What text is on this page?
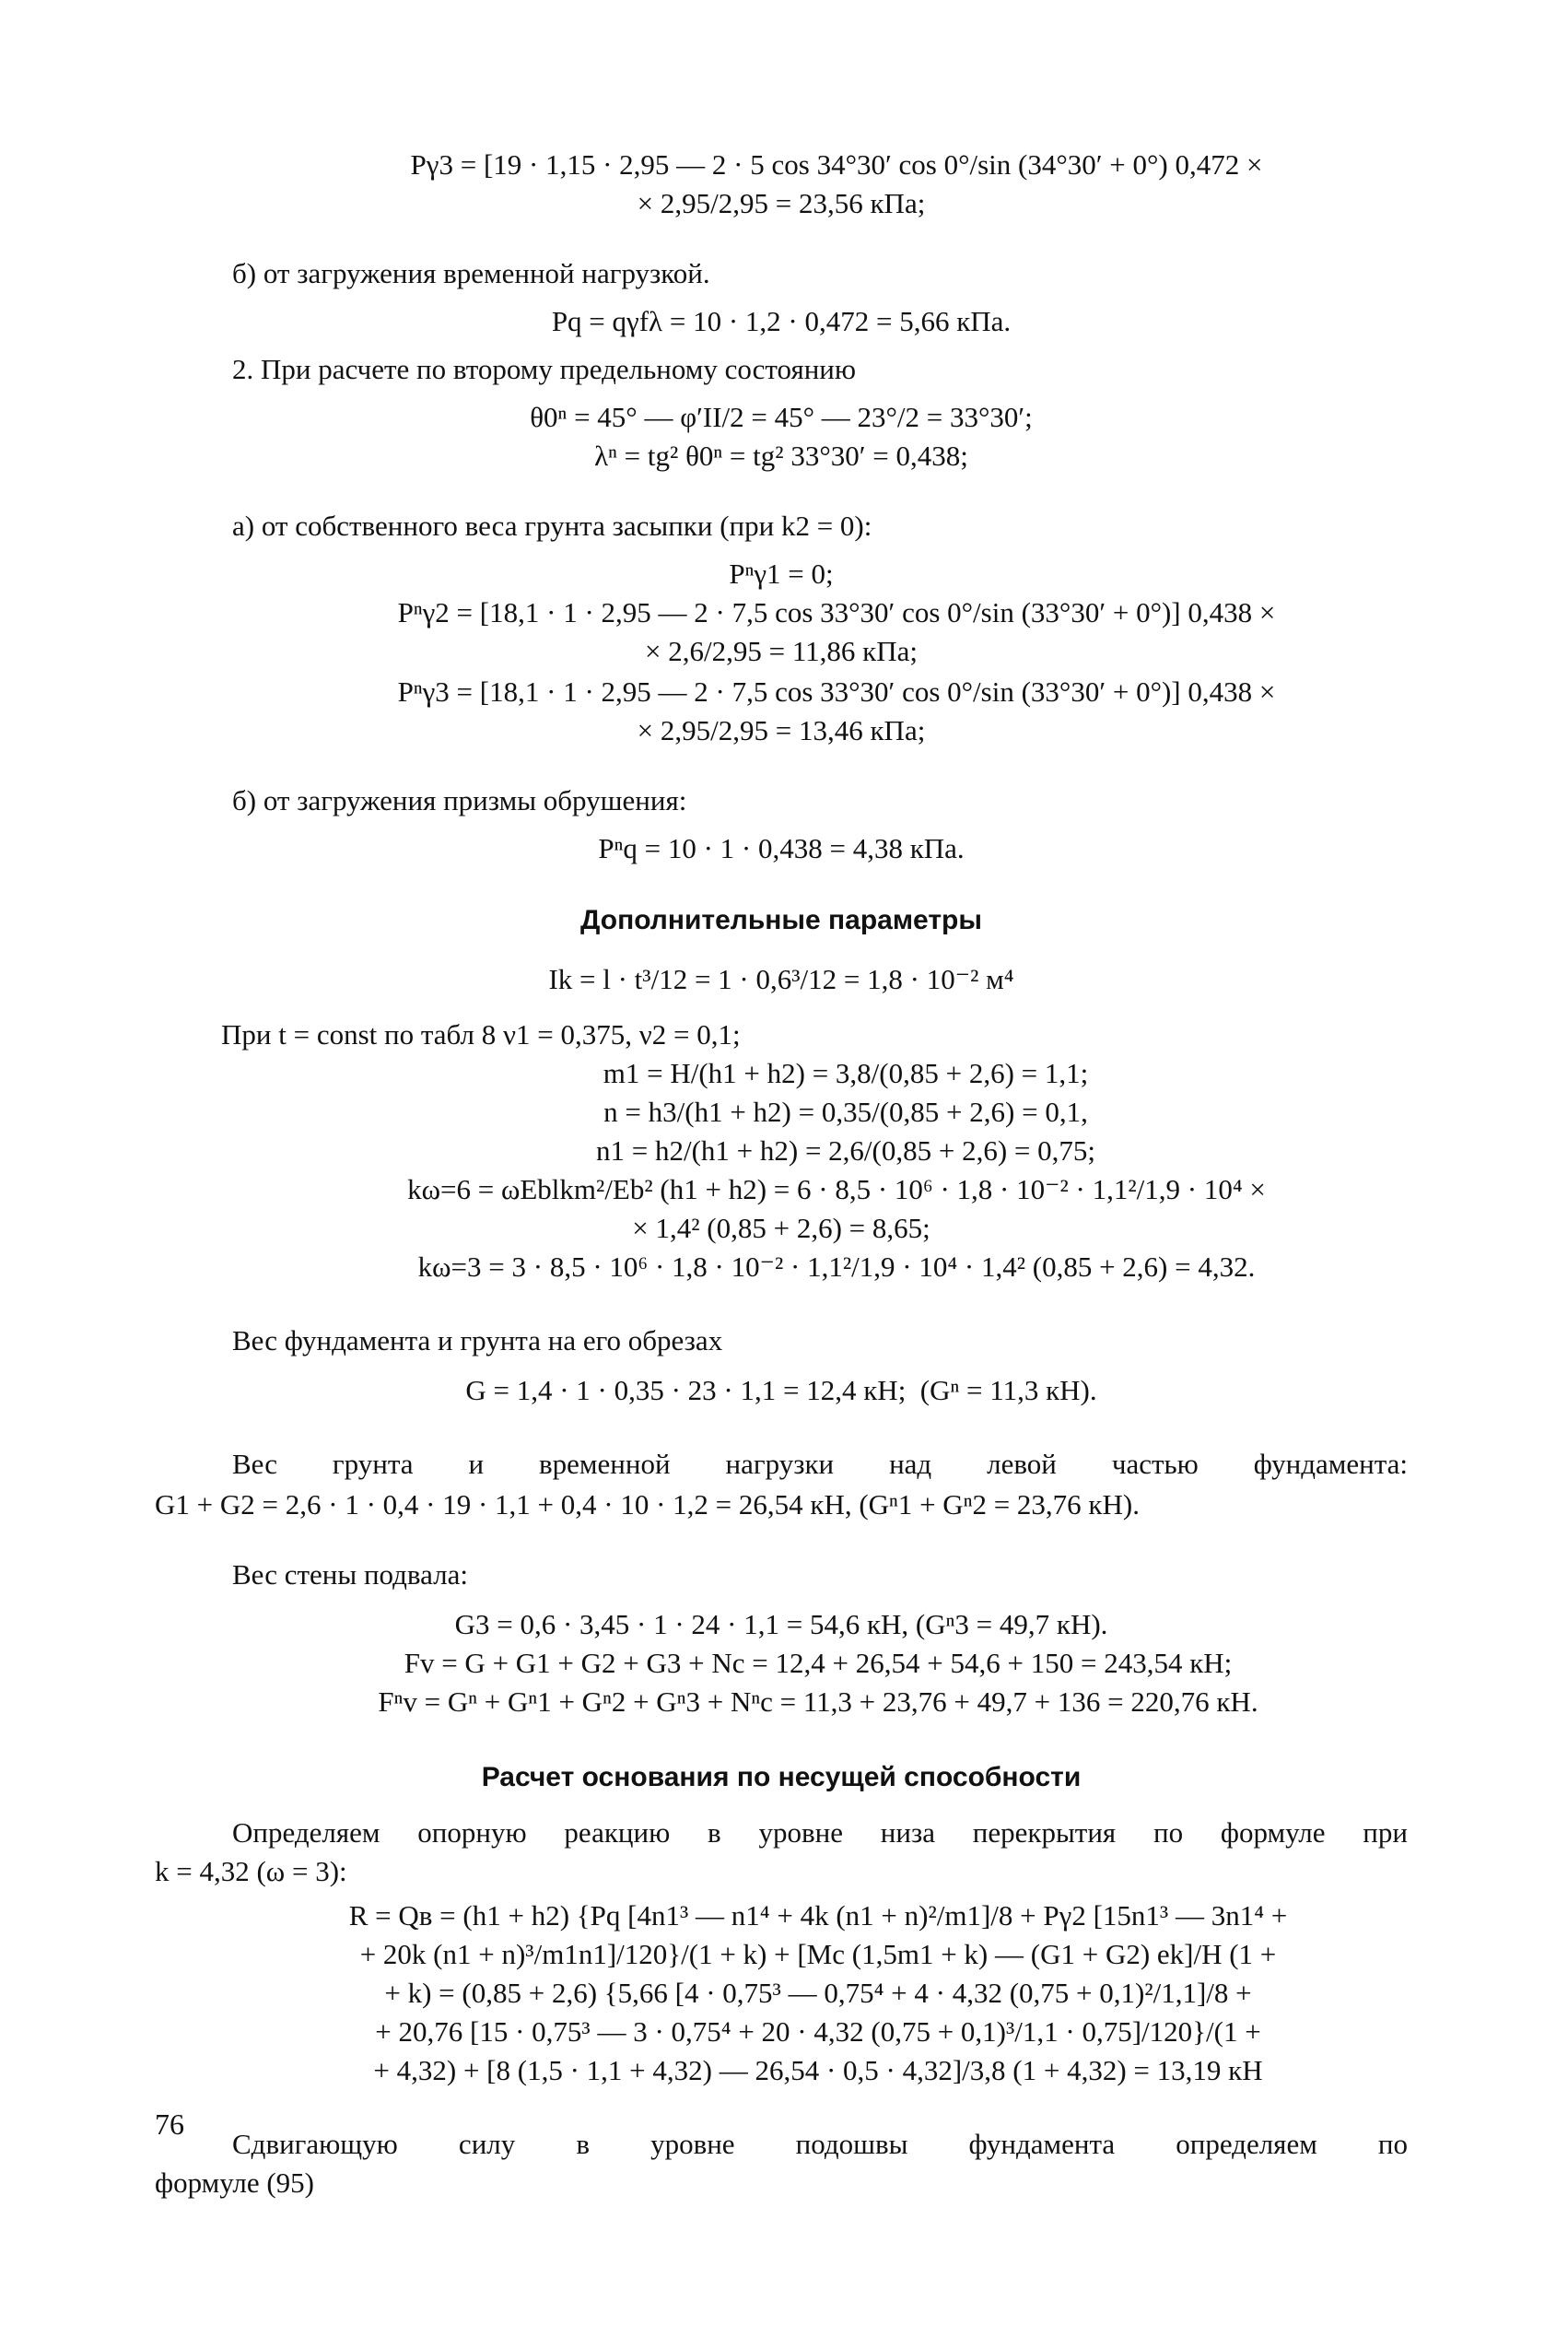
Pγ3 = [19 · 1,15 · 2,95 — 2 · 5 cos 34°30′ cos 0°/sin (34°30′ + 0°) 0,472 ×
× 2,95/2,95 = 23,56 кПа;
б) от загружения временной нагрузкой.
Pq = qγfλ = 10 · 1,2 · 0,472 = 5,66 кПа.
2. При расчете по второму предельному состоянию
θ0ⁿ = 45° — φ′II/2 = 45° — 23°/2 = 33°30′;
λⁿ = tg² θ0ⁿ = tg² 33°30′ = 0,438;
а) от собственного веса грунта засыпки (при k2 = 0):
Pⁿγ1 = 0;
Pⁿγ2 = [18,1 · 1 · 2,95 — 2 · 7,5 cos 33°30′ cos 0°/sin (33°30′ + 0°)] 0,438 ×
× 2,6/2,95 = 11,86 кПа;
Pⁿγ3 = [18,1 · 1 · 2,95 — 2 · 7,5 cos 33°30′ cos 0°/sin (33°30′ + 0°)] 0,438 ×
× 2,95/2,95 = 13,46 кПа;
б) от загружения призмы обрушения:
Pⁿq = 10 · 1 · 0,438 = 4,38 кПа.
Дополнительные параметры
Ik = l · t³/12 = 1 · 0,6³/12 = 1,8 · 10⁻² м⁴
При t = const по табл 8 ν1 = 0,375, ν2 = 0,1;
m1 = H/(h1 + h2) = 3,8/(0,85 + 2,6) = 1,1;
n = h3/(h1 + h2) = 0,35/(0,85 + 2,6) = 0,1,
n1 = h2/(h1 + h2) = 2,6/(0,85 + 2,6) = 0,75;
kω=6 = ωEblkm²/Eb² (h1 + h2) = 6 · 8,5 · 10⁶ · 1,8 · 10⁻² · 1,1²/1,9 · 10⁴ ×
× 1,4² (0,85 + 2,6) = 8,65;
kω=3 = 3 · 8,5 · 10⁶ · 1,8 · 10⁻² · 1,1²/1,9 · 10⁴ · 1,4² (0,85 + 2,6) = 4,32.
Вес фундамента и грунта на его обрезах
G = 1,4 · 1 · 0,35 · 23 · 1,1 = 12,4 кН;  (Gⁿ = 11,3 кН).
Вес грунта и временной нагрузки над левой частью фундамента:
G1 + G2 = 2,6 · 1 · 0,4 · 19 · 1,1 + 0,4 · 10 · 1,2 = 26,54 кН, (Gⁿ1 + Gⁿ2 = 23,76 кН).
Вес стены подвала:
G3 = 0,6 · 3,45 · 1 · 24 · 1,1 = 54,6 кН, (Gⁿ3 = 49,7 кН).
Fv = G + G1 + G2 + G3 + Nc = 12,4 + 26,54 + 54,6 + 150 = 243,54 кН;
Fⁿv = Gⁿ + Gⁿ1 + Gⁿ2 + Gⁿ3 + Nⁿc = 11,3 + 23,76 + 49,7 + 136 = 220,76 кН.
Расчет основания по несущей способности
Определяем опорную реакцию в уровне низа перекрытия по формуле при
k = 4,32 (ω = 3):
R = Qв = (h1 + h2) {Pq [4n1³ — n1⁴ + 4k (n1 + n)²/m1]/8 + Pγ2 [15n1³ — 3n1⁴ +
+ 20k (n1 + n)³/m1n1]/120}/(1 + k) + [Mc (1,5m1 + k) — (G1 + G2) ek]/H (1 +
+ k) = (0,85 + 2,6) {5,66 [4 · 0,75³ — 0,75⁴ + 4 · 4,32 (0,75 + 0,1)²/1,1]/8 +
+ 20,76 [15 · 0,75³ — 3 · 0,75⁴ + 20 · 4,32 (0,75 + 0,1)³/1,1 · 0,75]/120}/(1 +
+ 4,32) + [8 (1,5 · 1,1 + 4,32) — 26,54 · 0,5 · 4,32]/3,8 (1 + 4,32) = 13,19 кН
Сдвигающую силу в уровне подошвы фундамента определяем по
формуле (95)
76
